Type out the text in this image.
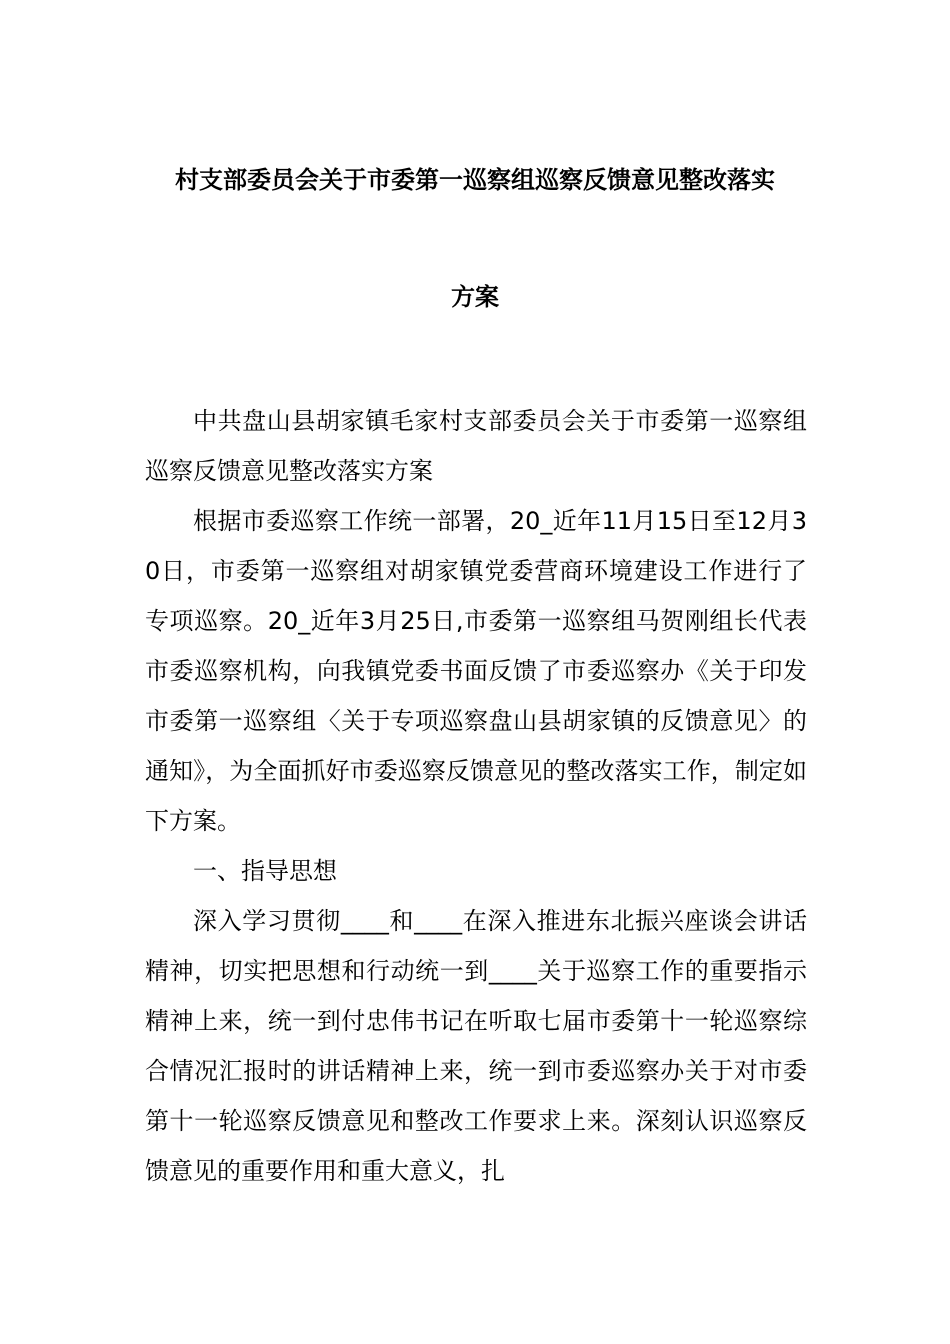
村支部委员会关于市委第一巡察组巡察反馈意见整改落实
方案

中共盘山县胡家镇毛家村支部委员会关于市委第一巡察组巡察反馈意见整改落实方案

根据市委巡察工作统一部署，20_近年11月15日至12月30日，市委第一巡察组对胡家镇党委营商环境建设工作进行了专项巡察。20_近年3月25日,市委第一巡察组马贺刚组长代表市委巡察机构，向我镇党委书面反馈了市委巡察办《关于印发市委第一巡察组〈关于专项巡察盘山县胡家镇的反馈意见〉的通知》，为全面抓好市委巡察反馈意见的整改落实工作，制定如下方案。

一、指导思想

深入学习贯彻____和____在深入推进东北振兴座谈会讲话精神，切实把思想和行动统一到____关于巡察工作的重要指示精神上来，统一到付忠伟书记在听取七届市委第十一轮巡察综合情况汇报时的讲话精神上来，统一到市委巡察办关于对市委第十一轮巡察反馈意见和整改工作要求上来。深刻认识巡察反馈意见的重要作用和重大意义，扎
